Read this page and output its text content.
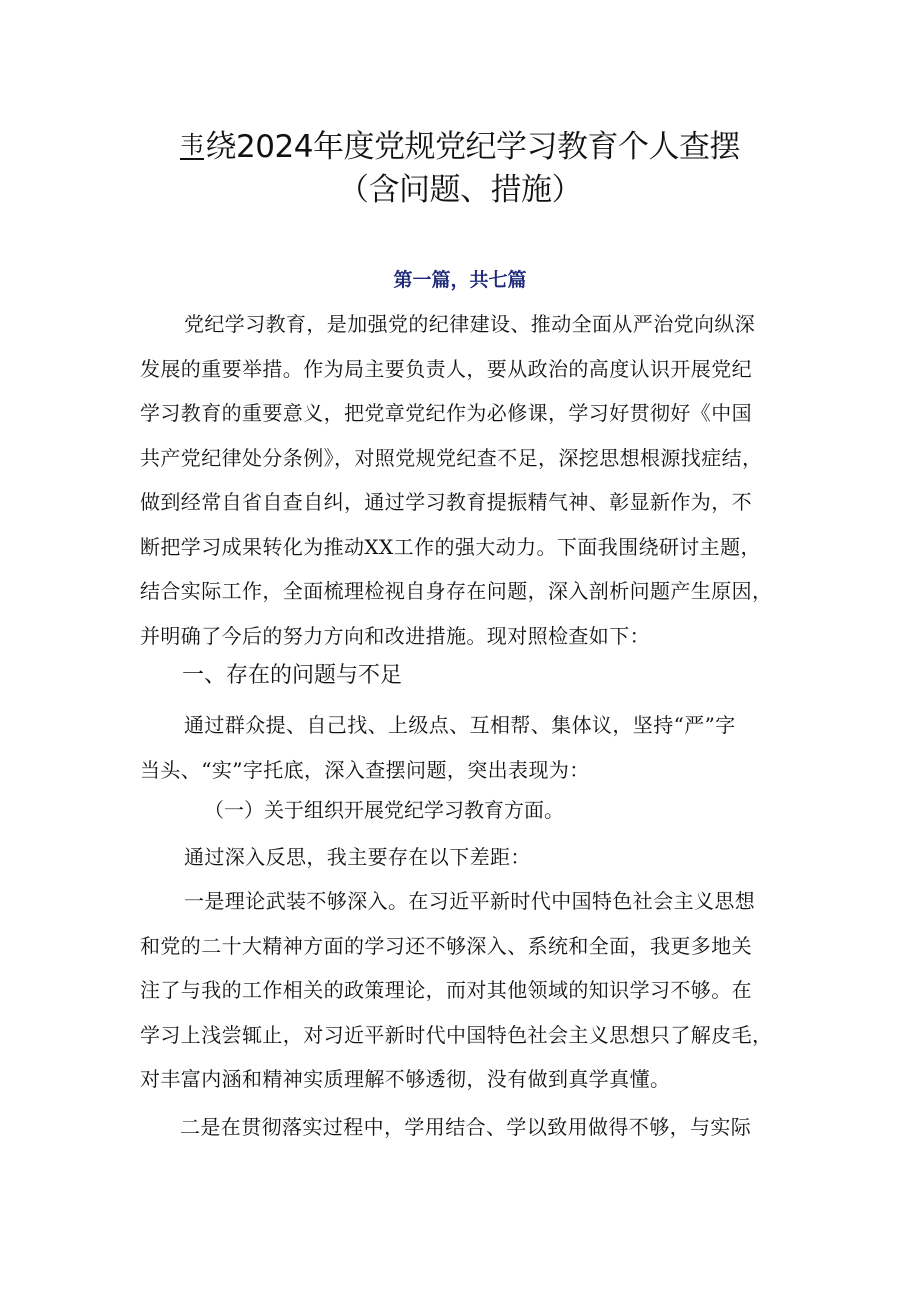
韦绕2024年度党规党纪学习教育个人查摆
（含问题、措施）
第一篇，共七篇
党纪学习教育，是加强党的纪律建设、推动全面从严治党向纵深
发展的重要举措。作为局主要负责人，要从政治的高度认识开展党纪
学习教育的重要意义，把党章党纪作为必修课，学习好贯彻好《中国
共产党纪律处分条例》，对照党规党纪查不足，深挖思想根源找症结，
做到经常自省自查自纠，通过学习教育提振精气神、彰显新作为，不
断把学习成果转化为推动XX工作的强大动力。下面我围绕研讨主题，
结合实际工作，全面梳理检视自身存在问题，深入剖析问题产生原因，
并明确了今后的努力方向和改进措施。现对照检查如下：
一、存在的问题与不足
通过群众提、自己找、上级点、互相帮、集体议，坚持“严”字
当头、“实”字托底，深入查摆问题，突出表现为：
（一）关于组织开展党纪学习教育方面。
通过深入反思，我主要存在以下差距：
一是理论武装不够深入。在习近平新时代中国特色社会主义思想
和党的二十大精神方面的学习还不够深入、系统和全面，我更多地关
注了与我的工作相关的政策理论，而对其他领域的知识学习不够。在
学习上浅尝辄止，对习近平新时代中国特色社会主义思想只了解皮毛，
对丰富内涵和精神实质理解不够透彻，没有做到真学真懂。
二是在贯彻落实过程中，学用结合、学以致用做得不够，与实际
